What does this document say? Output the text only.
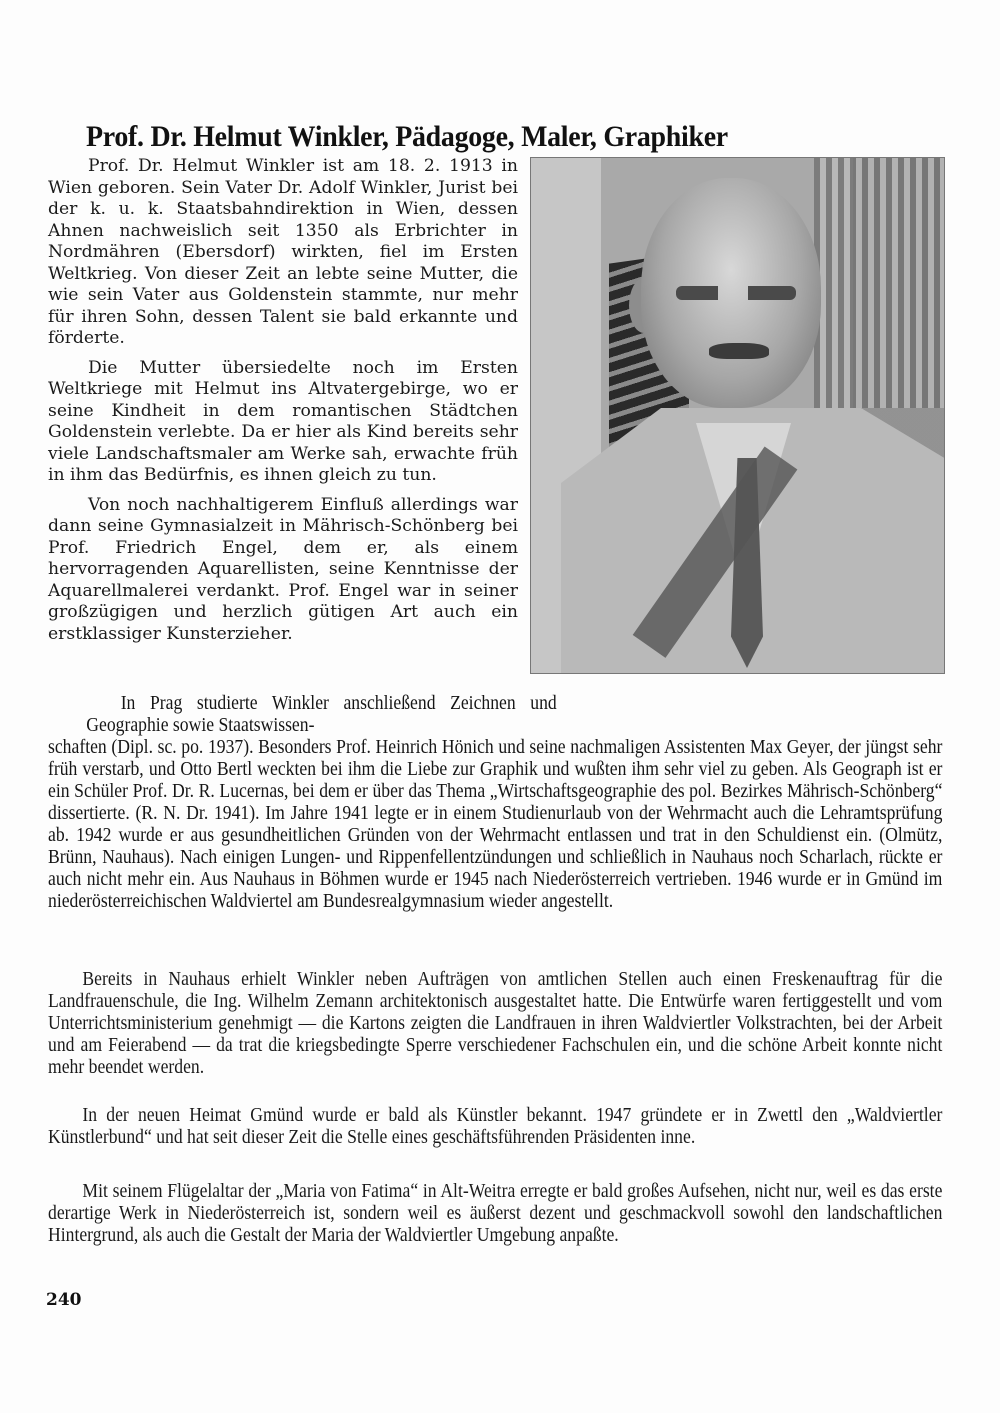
Prof. Dr. Helmut Winkler, Pädagoge, Maler, Graphiker

Prof. Dr. Helmut Winkler ist am 18. 2. 1913 in Wien geboren. Sein Vater Dr. Adolf Winkler, Jurist bei der k. u. k. Staatsbahndirektion in Wien, dessen Ahnen nachweislich seit 1350 als Erbrichter in Nordmähren (Ebersdorf) wirkten, fiel im Ersten Weltkrieg. Von dieser Zeit an lebte seine Mutter, die wie sein Vater aus Goldenstein stammte, nur mehr für ihren Sohn, dessen Talent sie bald erkannte und förderte.

Die Mutter übersiedelte noch im Ersten Weltkriege mit Helmut ins Altvatergebirge, wo er seine Kindheit in dem romantischen Städtchen Goldenstein verlebte. Da er hier als Kind bereits sehr viele Landschaftsmaler am Werke sah, erwachte früh in ihm das Bedürfnis, es ihnen gleich zu tun.

Von noch nachhaltigerem Einfluß allerdings war dann seine Gymnasialzeit in Mährisch-Schönberg bei Prof. Friedrich Engel, dem er, als einem hervorragenden Aquarellisten, seine Kenntnisse der Aquarellmalerei verdankt. Prof. Engel war in seiner großzügigen und herzlich gütigen Art auch ein erstklassiger Kunsterzieher.

In Prag studierte Winkler anschließend Zeichnen und Geographie sowie Staatswissen-

schaften (Dipl. sc. po. 1937). Besonders Prof. Heinrich Hönich und seine nachmaligen Assistenten Max Geyer, der jüngst sehr früh verstarb, und Otto Bertl weckten bei ihm die Liebe zur Graphik und wußten ihm sehr viel zu geben. Als Geograph ist er ein Schüler Prof. Dr. R. Lucernas, bei dem er über das Thema „Wirtschaftsgeographie des pol. Bezirkes Mährisch-Schönberg“ dissertierte. (R. N. Dr. 1941). Im Jahre 1941 legte er in einem Studienurlaub von der Wehrmacht auch die Lehramtsprüfung ab. 1942 wurde er aus gesundheitlichen Gründen von der Wehrmacht entlassen und trat in den Schuldienst ein. (Olmütz, Brünn, Nauhaus). Nach einigen Lungen- und Rippenfellentzündungen und schließlich in Nauhaus noch Scharlach, rückte er auch nicht mehr ein. Aus Nauhaus in Böhmen wurde er 1945 nach Niederösterreich vertrieben. 1946 wurde er in Gmünd im niederösterreichischen Waldviertel am Bundesrealgymnasium wieder angestellt.

Bereits in Nauhaus erhielt Winkler neben Aufträgen von amtlichen Stellen auch einen Freskenauftrag für die Landfrauenschule, die Ing. Wilhelm Zemann architektonisch ausgestaltet hatte. Die Entwürfe waren fertiggestellt und vom Unterrichtsministerium genehmigt — die Kartons zeigten die Landfrauen in ihren Waldviertler Volkstrachten, bei der Arbeit und am Feierabend — da trat die kriegsbedingte Sperre verschiedener Fachschulen ein, und die schöne Arbeit konnte nicht mehr beendet werden.

In der neuen Heimat Gmünd wurde er bald als Künstler bekannt. 1947 gründete er in Zwettl den „Waldviertler Künstlerbund“ und hat seit dieser Zeit die Stelle eines geschäftsführenden Präsidenten inne.

Mit seinem Flügelaltar der „Maria von Fatima“ in Alt-Weitra erregte er bald großes Aufsehen, nicht nur, weil es das erste derartige Werk in Niederösterreich ist, sondern weil es äußerst dezent und geschmackvoll sowohl den landschaftlichen Hintergrund, als auch die Gestalt der Maria der Waldviertler Umgebung anpaßte.

240
